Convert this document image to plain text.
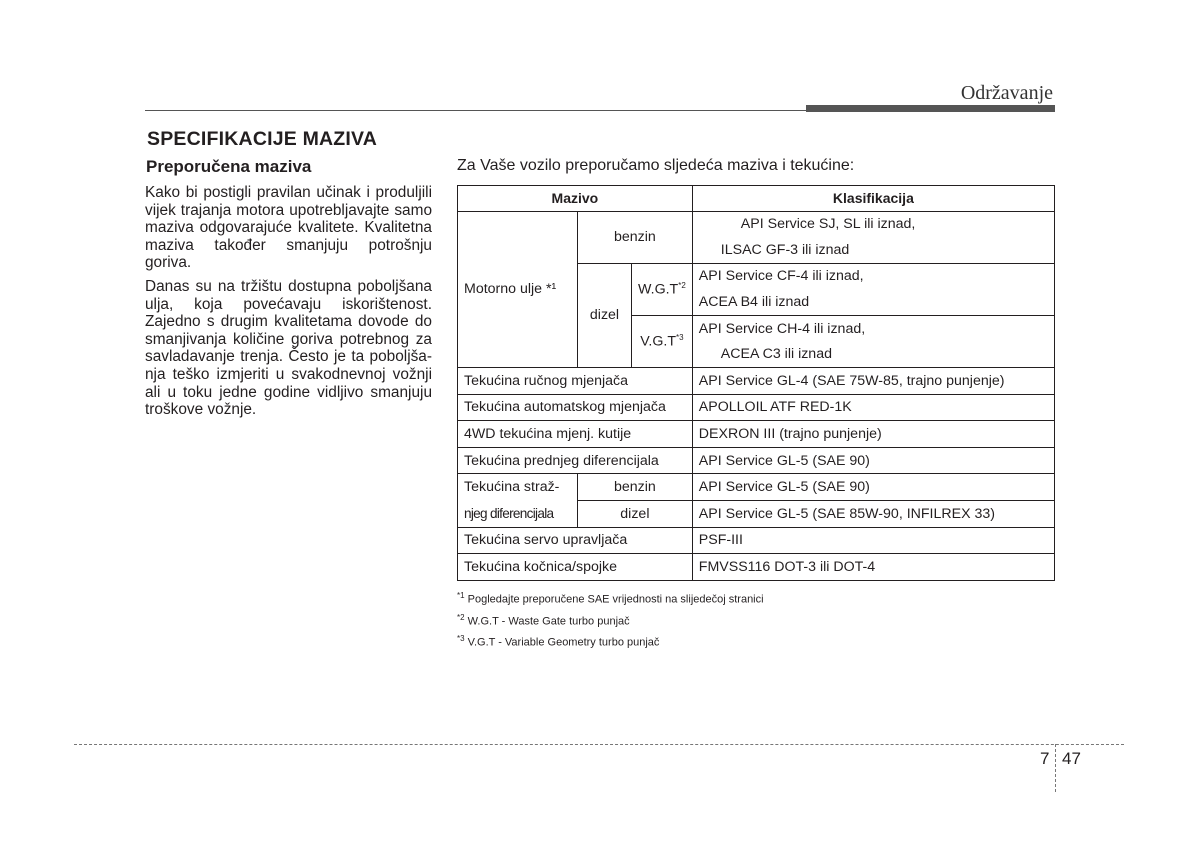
Održavanje
SPECIFIKACIJE MAZIVA
Preporučena maziva

Kako bi postigli pravilan učinak i produljili vijek trajanja motora upotrebljavajte samo maziva odgovarajuće kvalitete. Kvalitetna maziva također smanjuju potrošnju goriva.

Danas su na tržištu dostupna poboljšana ulja, koja povećavaju iskorištenost. Zajedno s drugim kvalitetama dovode do smanjivanja količine goriva potrebnog za savladavanje trenja. Često je ta poboljša-nja teško izmjeriti u svakodnevnoj vožnji ali u toku jedne godine vidljivo smanjuju troškove vožnje.

Za Vaše vozilo preporučamo sljedeća maziva i tekućine:
Mazivo			Klasifikacija
Motorno ulje *¹	benzin		API Service SJ, SL ili iznad,
			ILSAC GF-3 ili iznad
	dizel	$W.G.T^{*2}$	API Service CF-4 ili iznad,
			ACEA B4 ili iznad
		$V.G.T^{*3}$	API Service CH-4 ili iznad,
			ACEA C3 ili iznad
Tekućina ručnog mjenjača			API Service GL-4 (SAE 75W-85, trajno punjenje)
Tekućina automatskog mjenjača			APOLLOIL ATF RED-1K
4WD tekućina mjenj. kutije			DEXRON III (trajno punjenje)
Tekućina prednjeg diferencijala			API Service GL-5 (SAE 90)
Tekućina straž-	benzin		API Service GL-5 (SAE 90)
njeg diferencijala	dizel		API Service GL-5 (SAE 85W-90, INFILREX 33)
Tekućina servo upravljača			PSF-III
Tekućina kočnica/spojke			FMVSS116 DOT-3 ili DOT-4
$^{*1}$ Pogledajte preporučene SAE vrijednosti na slijedečoj stranici
$^{*2}$ W.G.T - Waste Gate turbo punjač
$^{*3}$ V.G.T - Variable Geometry turbo punjač
7 47
